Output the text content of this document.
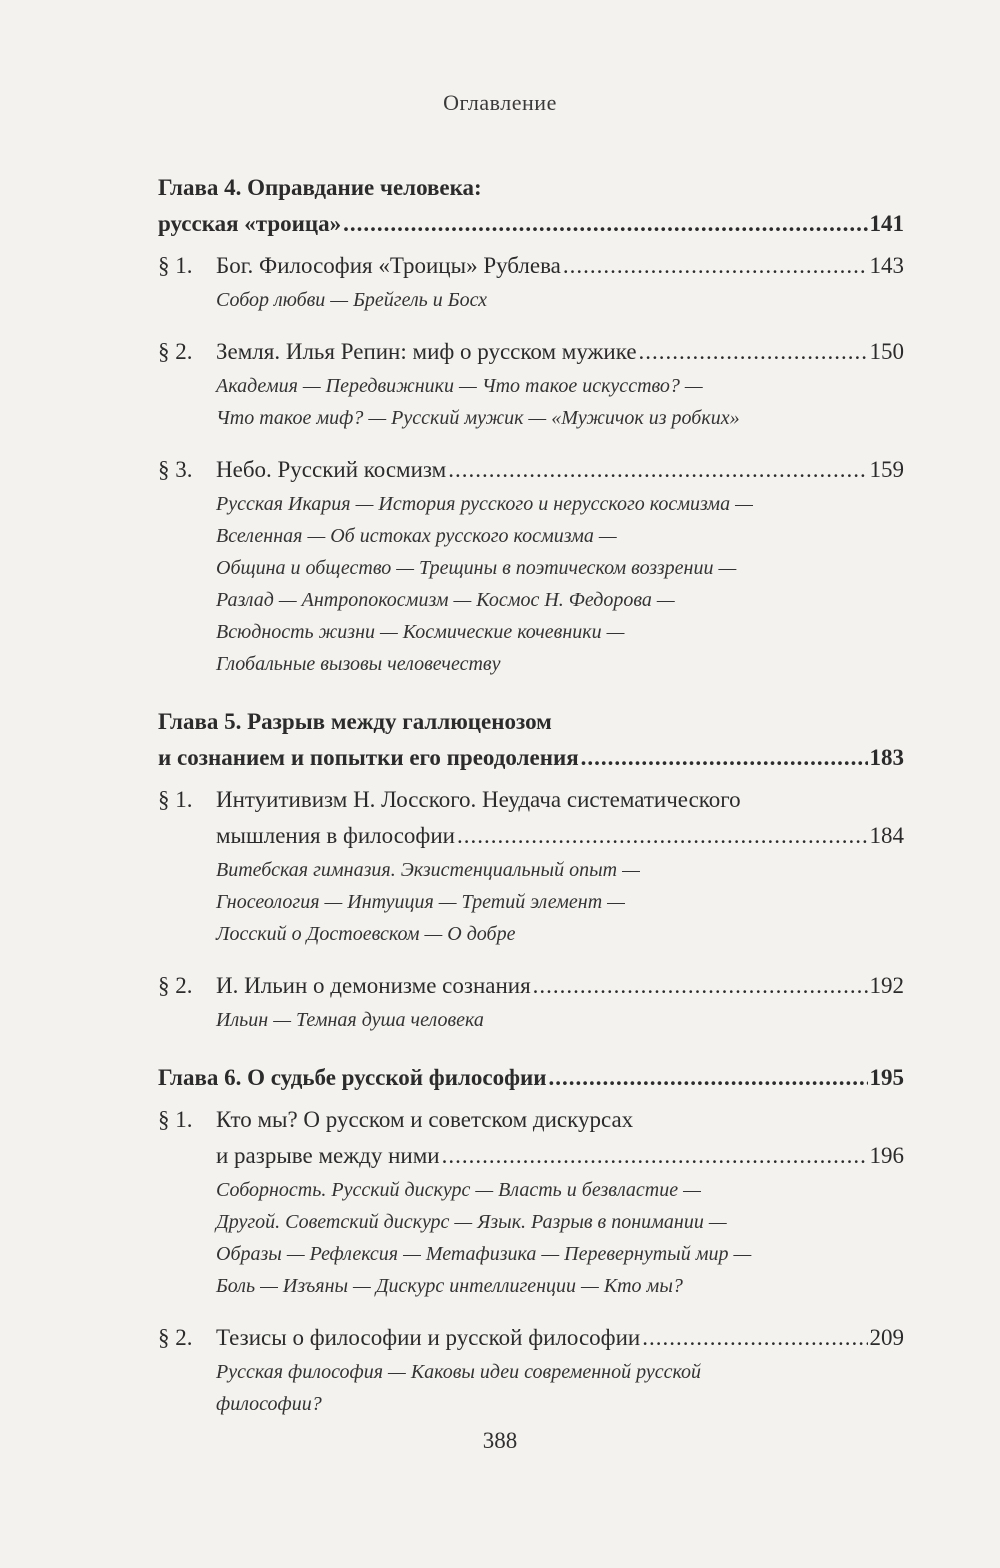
Оглавление
Глава 4. Оправдание человека:
русская «троица» .....	141
§ 1.	Бог. Философия «Троицы» Рублева .....	143
Собор любви — Брейгель и Босх
§ 2.	Земля. Илья Репин: миф о русском мужике .....	150
Академия — Передвижники — Что такое искусство? —
Что такое миф? — Русский мужик — «Мужичок из робких»
§ 3.	Небо. Русский космизм .....	159
Русская Икария — История русского и нерусского космизма —
Вселенная — Об истоках русского космизма —
Община и общество — Трещины в поэтическом воззрении —
Разлад — Антропокосмизм — Космос Н. Федорова —
Всюдность жизни — Космические кочевники —
Глобальные вызовы человечеству
Глава 5. Разрыв между галлюценозом
и сознанием и попытки его преодоления .....	183
§ 1.	Интуитивизм Н. Лосского. Неудача систематического
мышления в философии .....	184
Витебская гимназия. Экзистенциальный опыт —
Гносеология — Интуиция — Третий элемент —
Лосский о Достоевском — О добре
§ 2.	И. Ильин о демонизме сознания .....	192
Ильин — Темная душа человека
Глава 6. О судьбе русской философии .....	195
§ 1.	Кто мы? О русском и советском дискурсах
и разрыве между ними .....	196
Соборность. Русский дискурс — Власть и безвластие —
Другой. Советский дискурс — Язык. Разрыв в понимании —
Образы — Рефлексия — Метафизика — Перевернутый мир —
Боль — Изъяны — Дискурс интеллигенции — Кто мы?
§ 2.	Тезисы о философии и русской философии .....	209
Русская философия — Каковы идеи современной русской
философии?
388
